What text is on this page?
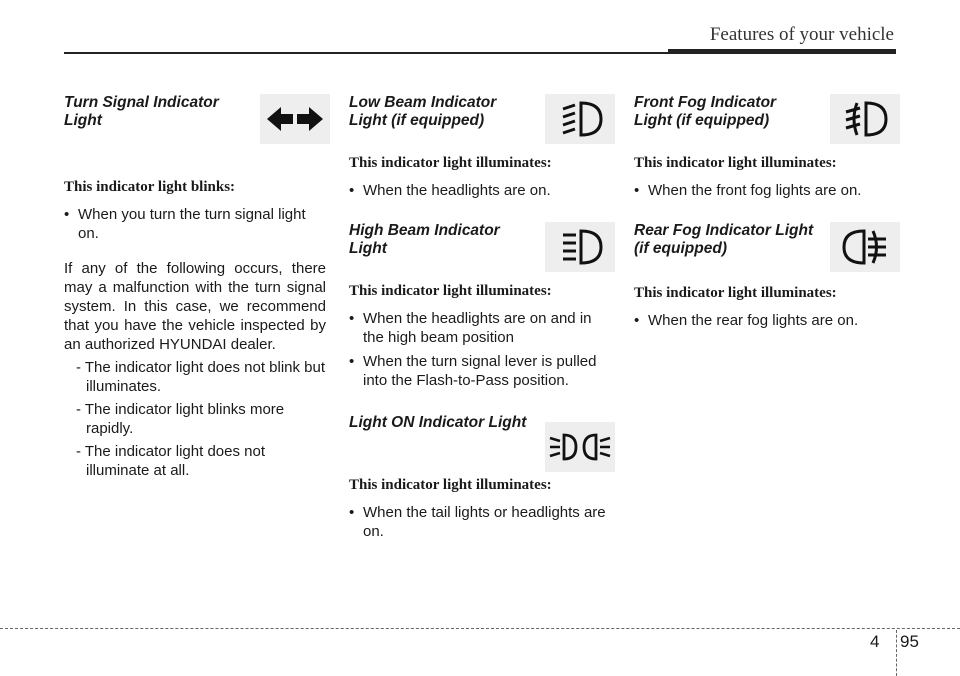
Features of your vehicle
Turn Signal Indicator
Light

This indicator light blinks:

• When you turn the turn signal light on.

If any of the following occurs, there may a malfunction with the turn signal system. In this case, we recommend that you have the vehicle inspected by an authorized HYUNDAI dealer.

- The indicator light does not blink but illuminates.
- The indicator light blinks more rapidly.
- The indicator light does not illuminate at all.
Low Beam Indicator
Light (if equipped)

This indicator light illuminates:

• When the headlights are on.
High Beam Indicator
Light

This indicator light illuminates:

• When the headlights are on and in the high beam position
• When the turn signal lever is pulled into the Flash-to-Pass position.
Light ON Indicator Light

This indicator light illuminates:

• When the tail lights or headlights are on.
Front Fog Indicator
Light (if equipped)

This indicator light illuminates:

• When the front fog lights are on.
Rear Fog Indicator Light
(if equipped)

This indicator light illuminates:

• When the rear fog lights are on.
4 95
